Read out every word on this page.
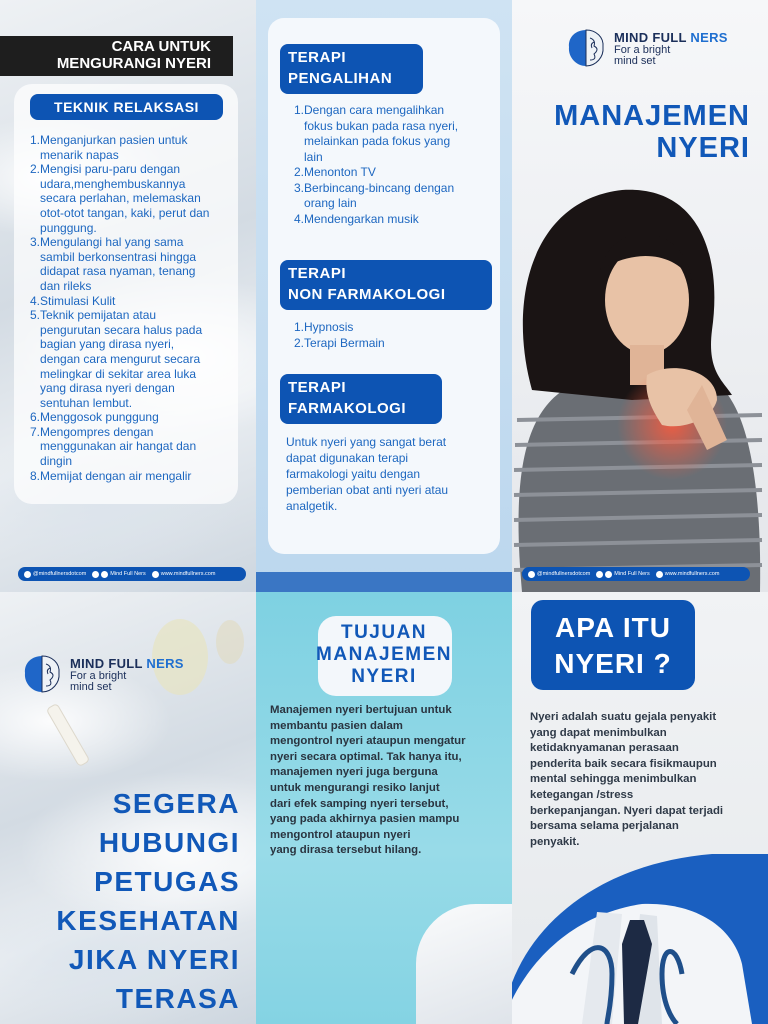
CARA UNTUK
MENGURANGI NYERI
TEKNIK RELAKSASI
1. Menganjurkan pasien untuk
menarik napas
2. Mengisi paru-paru dengan
udara,menghembuskannya
secara perlahan, melemaskan
otot-otot tangan, kaki, perut dan
punggung.
3. Mengulangi hal yang sama
sambil berkonsentrasi hingga
didapat rasa nyaman, tenang
dan rileks
4. Stimulasi Kulit
5. Teknik pemijatan atau
pengurutan secara halus pada
bagian yang dirasa nyeri,
dengan cara mengurut secara
melingkar di sekitar area luka
yang dirasa nyeri dengan
sentuhan lembut.
6. Menggosok punggung
7. Mengompres dengan
menggunakan air hangat dan
dingin
8. Memijat dengan air mengalir
@mindfullnersdotcom	Mind Full Ners	www.mindfullners.com
TERAPI
PENGALIHAN
1. Dengan cara mengalihkan
fokus bukan pada rasa nyeri,
melainkan pada fokus yang
lain
2. Menonton TV
3. Berbincang-bincang dengan
orang lain
4. Mendengarkan musik
TERAPI
NON FARMAKOLOGI
1. Hypnosis
2. Terapi Bermain
TERAPI
FARMAKOLOGI
Untuk nyeri yang sangat berat
dapat digunakan terapi
farmakologi yaitu dengan
pemberian obat anti nyeri atau
analgetik.
MIND FULL NERS
For a bright
mind set
MANAJEMEN
NYERI
@mindfullnersdotcom	Mind Full Ners	www.mindfullners.com
MIND FULL NERS
For a bright
mind set
SEGERA
HUBUNGI
PETUGAS
KESEHATAN
JIKA NYERI
TERASA
TUJUAN
MANAJEMEN
NYERI
Manajemen nyeri bertujuan untuk
membantu pasien dalam
mengontrol nyeri ataupun mengatur
nyeri secara optimal. Tak hanya itu,
manajemen nyeri juga berguna
untuk mengurangi resiko lanjut
dari efek samping nyeri tersebut,
yang pada akhirnya pasien mampu
mengontrol ataupun nyeri
yang dirasa tersebut hilang.
APA ITU
NYERI ?
Nyeri adalah suatu gejala penyakit
yang dapat menimbulkan
ketidaknyamanan perasaan
penderita baik secara fisikmaupun
mental sehingga menimbulkan
ketegangan /stress
berkepanjangan. Nyeri dapat terjadi
bersama selama perjalanan
penyakit.
